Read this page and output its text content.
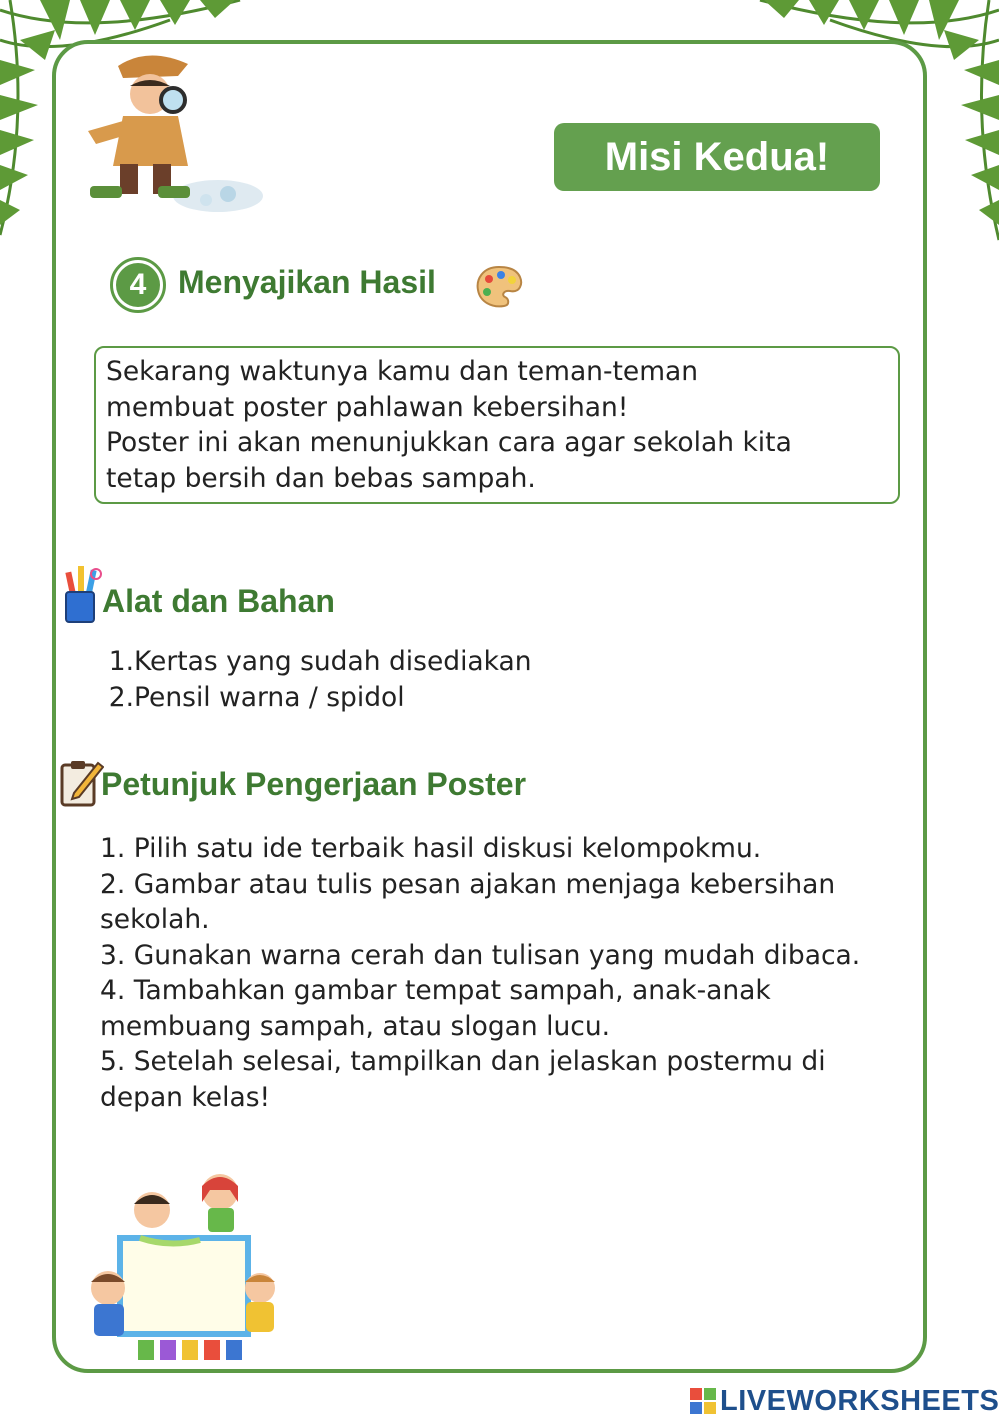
Misi Kedua!
4 Menyajikan Hasil

Sekarang waktunya kamu dan teman-teman

membuat poster pahlawan kebersihan!

Poster ini akan menunjukkan cara agar sekolah kita

tetap bersih dan bebas sampah.

Alat dan Bahan
1.Kertas yang sudah disediakan
2.Pensil warna / spidol
Petunjuk Pengerjaan Poster

1. Pilih satu ide terbaik hasil diskusi kelompokmu.

2. Gambar atau tulis pesan ajakan menjaga kebersihan sekolah.

3. Gunakan warna cerah dan tulisan yang mudah dibaca.

4. Tambahkan gambar tempat sampah, anak-anak membuang sampah, atau slogan lucu.

5. Setelah selesai, tampilkan dan jelaskan postermu di depan kelas!

LIVEWORKSHEETS
